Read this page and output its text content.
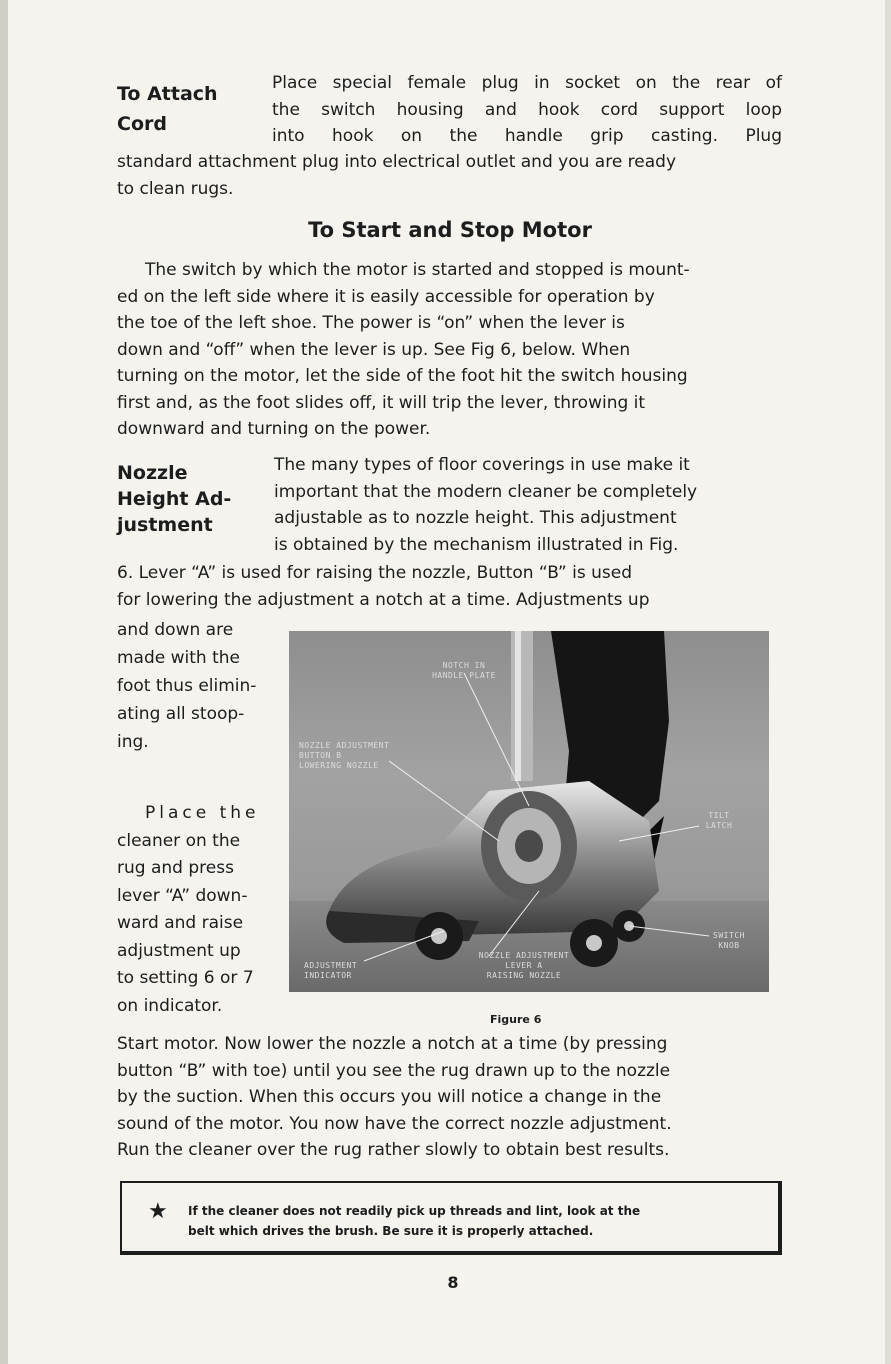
To Attach
Cord
Place special female plug in socket on the rear of
the switch housing and hook cord support loop
into hook on the handle grip casting. Plug
standard attachment plug into electrical outlet and you are ready
to clean rugs.
To Start and Stop Motor
The switch by which the motor is started and stopped is mount-
ed on the left side where it is easily accessible for operation by
the toe of the left shoe. The power is “on” when the lever is
down and “off” when the lever is up. See Fig 6, below. When
turning on the motor, let the side of the foot hit the switch housing
first and, as the foot slides off, it will trip the lever, throwing it
downward and turning on the power.
Nozzle
Height Ad-
justment
The many types of floor coverings in use make it
important that the modern cleaner be completely
adjustable as to nozzle height. This adjustment
is obtained by the mechanism illustrated in Fig.
6. Lever “A” is used for raising the nozzle, Button “B” is used
for lowering the adjustment a notch at a time. Adjustments up
and down are
made with the
foot thus elimin-
ating all stoop-
ing.
Place the
cleaner on the
rug and press
lever “A” down-
ward and raise
adjustment up
to setting 6 or 7
on indicator.
NOTCH IN
HANDLE PLATE
NOZZLE ADJUSTMENT
BUTTON B
LOWERING NOZZLE
TILT
LATCH
SWITCH
KNOB
ADJUSTMENT
INDICATOR
NOZZLE ADJUSTMENT
LEVER A
RAISING NOZZLE
Figure 6
Start motor. Now lower the nozzle a notch at a time (by pressing
button “B” with toe) until you see the rug drawn up to the nozzle
by the suction. When this occurs you will notice a change in the
sound of the motor. You now have the correct nozzle adjustment.
Run the cleaner over the rug rather slowly to obtain best results.
★ If the cleaner does not readily pick up threads and lint, look at the
belt which drives the brush. Be sure it is properly attached.
8
